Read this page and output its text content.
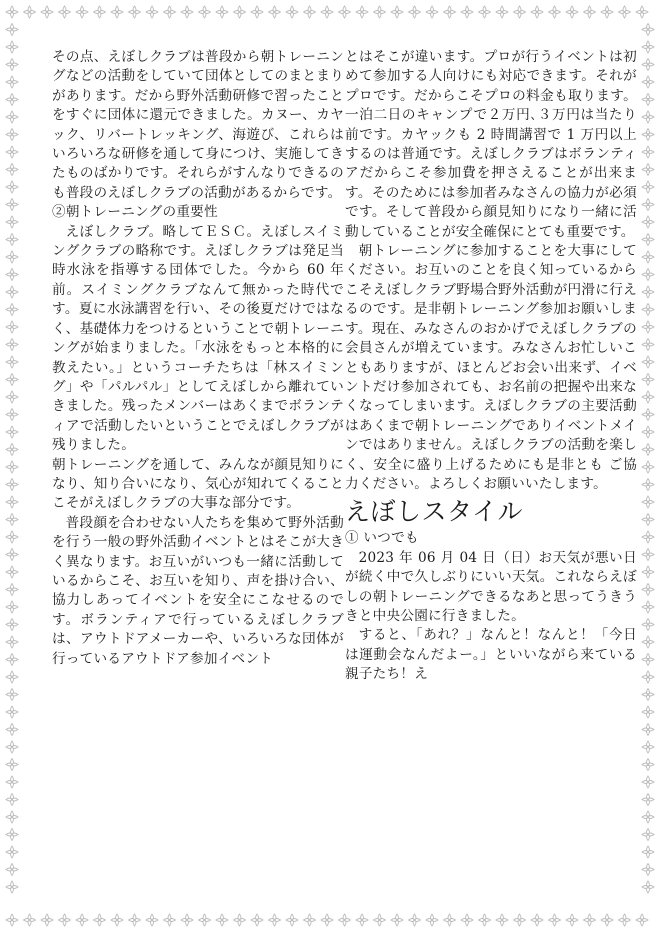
その点、えぼしクラブは普段から朝トレーニングなどの活動をしていて団体としてのまとまりがあります。だから野外活動研修で習ったことをすぐに団体に還元できました。カヌー、カヤック、リバートレッキング、海遊び、これらはいろいろな研修を通して身につけ、実施してきたものばかりです。それらがすんなりできるのも普段のえぼしクラブの活動があるからです。

②朝トレーニングの重要性

えぼしクラブ。略してＥＳＣ。えぼしスイミングクラブの略称です。えぼしクラブは発足当時水泳を指導する団体でした。今から 60 年前。スイミングクラブなんて無かった時代です。夏に水泳講習を行い、その後夏だけではなく、基礎体力をつけるということで朝トレーニングが始まりました。「水泳をもっと本格的に教えたい。」というコーチたちは「林スイミング」や「パルパル」としてえぼしから離れていきました。残ったメンバーはあくまでボランティアで活動したいということでえぼしクラブが残りました。

朝トレーニングを通して、みんなが顔見知りになり、知り合いになり、気心が知れてくることこそがえぼしクラブの大事な部分です。

普段顔を合わせない人たちを集めて野外活動を行う一般の野外活動イベントとはそこが大きく異なります。お互いがいつも一緒に活動しているからこそ、お互いを知り、声を掛け合い、協力しあってイベントを安全にこなせるのです。ボランティアで行っているえぼしクラブは、アウトドアメーカーや、いろいろな団体が行っているアウトドア参加イベント

とはそこが違います。プロが行うイベントは初めて参加する人向けにも対応できます。それがプロです。だからこそプロの料金も取ります。一泊二日のキャンプで２万円､３万円は当たり前です。カヤックも 2 時間講習で 1 万円以上するのは普通です。えぼしクラブはボランティアだからこそ参加費を押さえることが出来ます。そのためには参加者みなさんの協力が必須です。そして普段から顔見知りになり一緒に活動していることが安全確保にとても重要です。

朝トレーニングに参加することを大事にしてください。お互いのことを良く知っているからこそえぼしクラブ野場合野外活動が円滑に行えるのです。是非朝トレーニング参加お願いします。現在、みなさんのおかげでえぼしクラブの会員さんが増えています。みなさんお忙しいこともありますが、ほとんどお会い出来ず、イベントだけ参加されても、お名前の把握や出来なくなってしまいます。えぼしクラブの主要活動はあくまで朝トレーニングでありイベントメインではありません。えぼしクラブの活動を楽しく、安全に盛り上げるためにも是非とも ご協力ください。よろしくお願いいたします。

えぼしスタイル

① いつでも

2023 年 06 月 04 日（日）お天気が悪い日が続く中で久しぶりにいい天気。これならえぼしの朝トレーニングできるなあと思ってうきうきと中央公園に行きました。

すると、「あれ？」なんと！なんと！「今日は運動会なんだよー。」といいながら来ている親子たち！え
